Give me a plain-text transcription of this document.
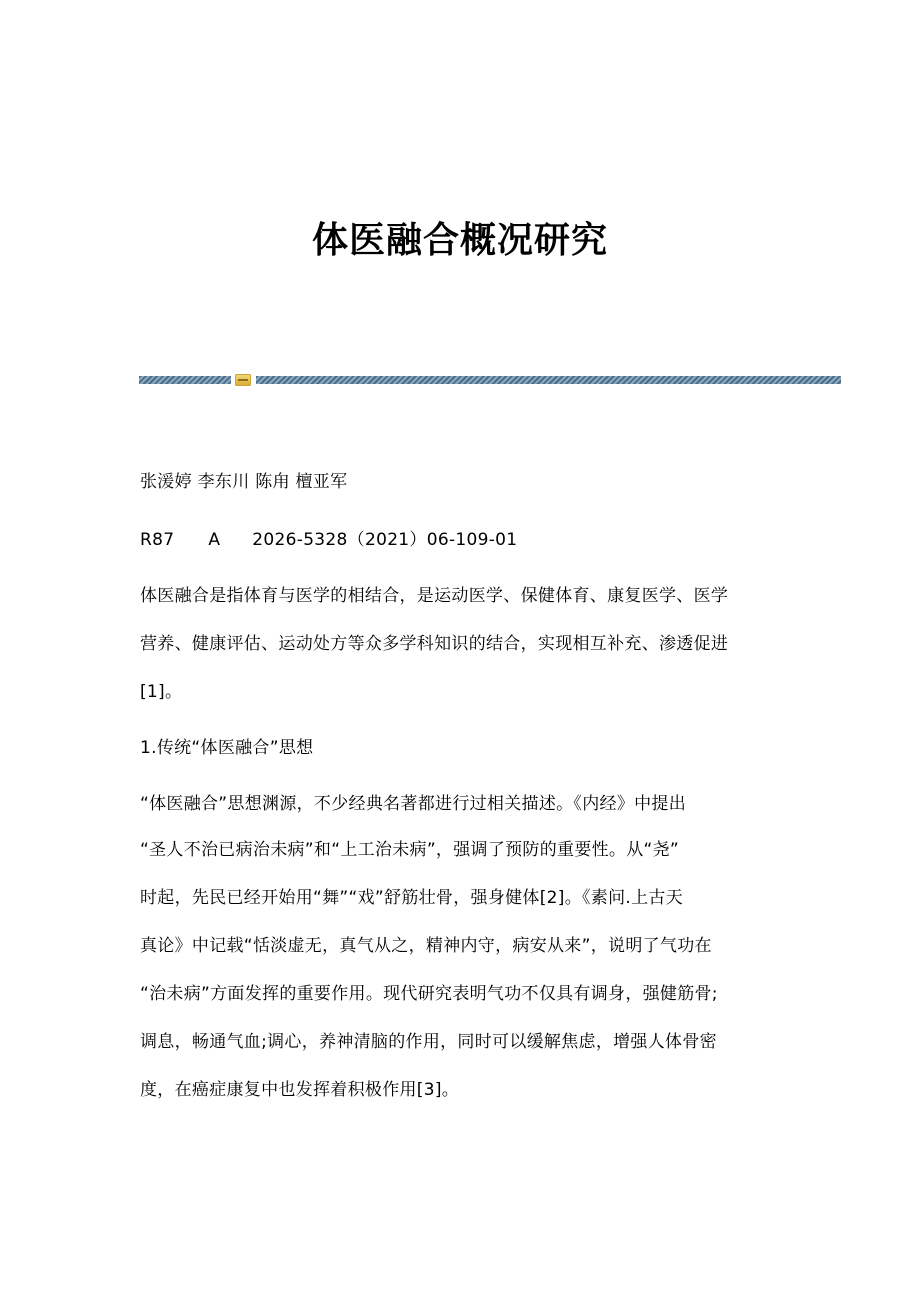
体医融合概况研究
张湲婷 李东川 陈甪 檀亚军
R87 A 2026-5328（2021）06-109-01
体医融合是指体育与医学的相结合，是运动医学、保健体育、康复医学、医学
营养、健康评估、运动处方等众多学科知识的结合，实现相互补充、渗透促进
[1]。
1.传统“体医融合”思想
“体医融合”思想渊源，不少经典名著都进行过相关描述。《内经》中提出
“圣人不治已病治未病”和“上工治未病”，强调了预防的重要性。从“尧”
时起，先民已经开始用“舞”“戏”舒筋壮骨，强身健体[2]。《素问.上古天
真论》中记载“恬淡虚无，真气从之，精神内守，病安从来”，说明了气功在
“治未病”方面发挥的重要作用。现代研究表明气功不仅具有调身，强健筋骨;
调息，畅通气血;调心，养神清脑的作用，同时可以缓解焦虑，增强人体骨密
度，在癌症康复中也发挥着积极作用[3]。
